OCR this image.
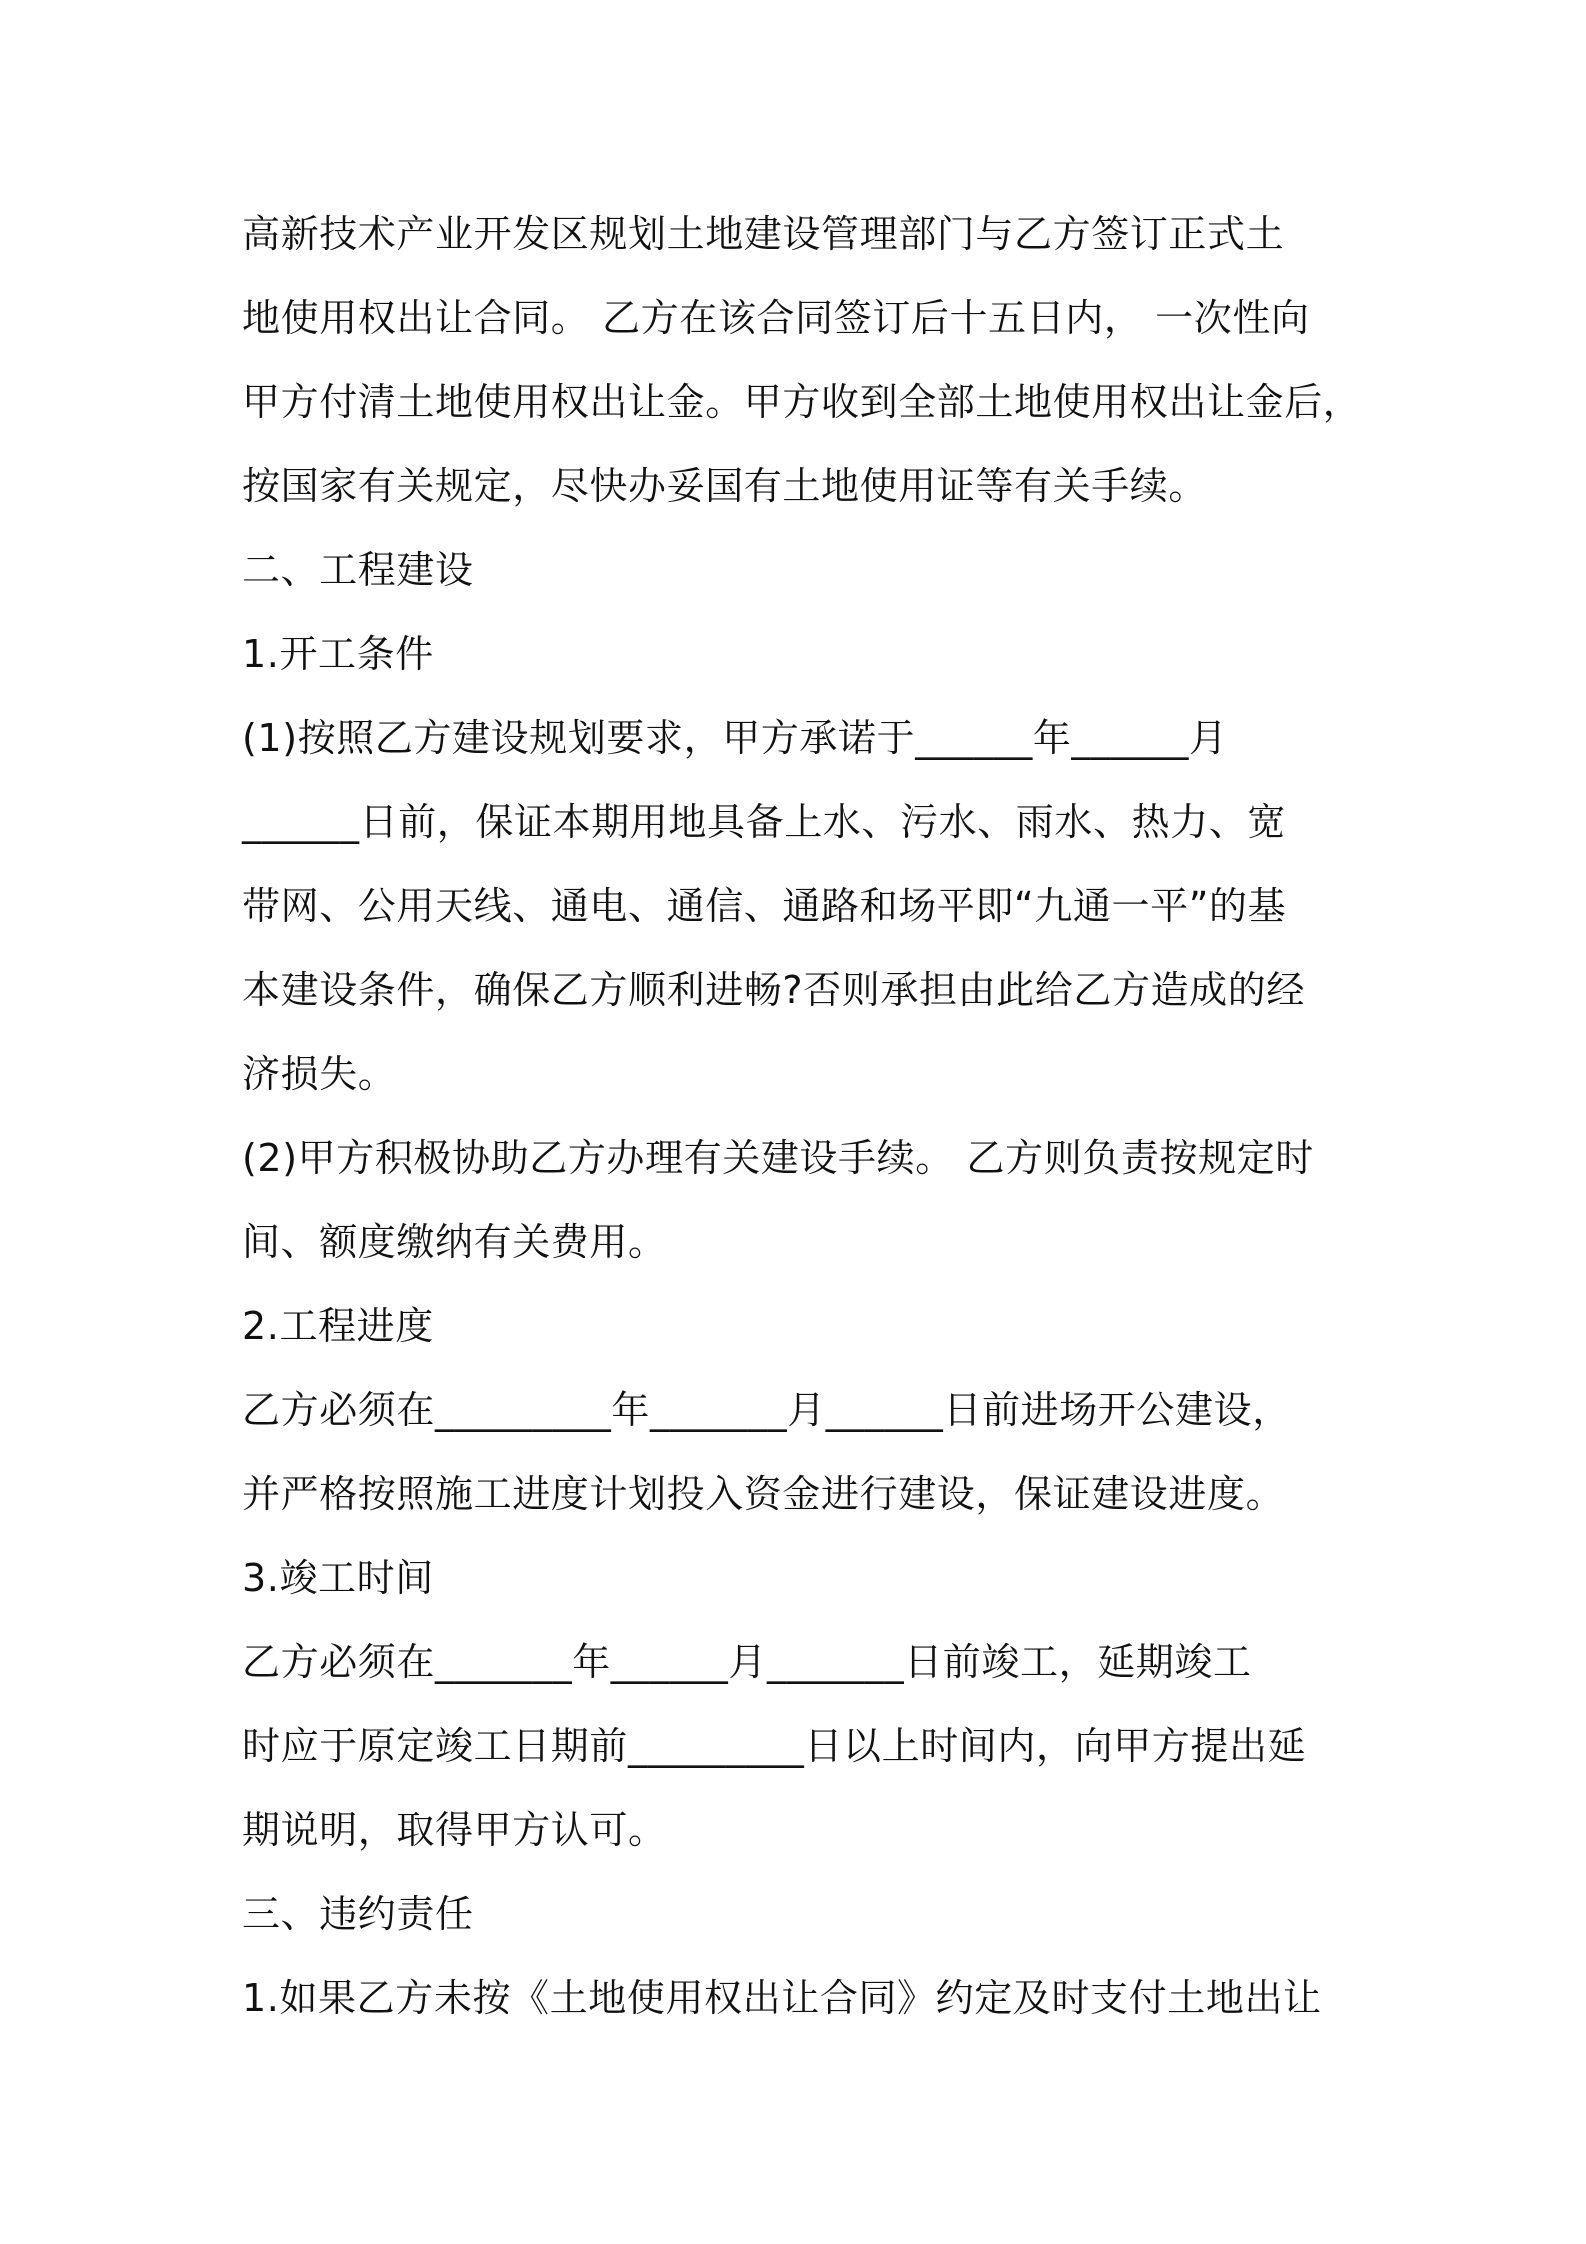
高新技术产业开发区规划土地建设管理部门与乙方签订正式土
地使用权出让合同。 乙方在该合同签订后十五日内， 一次性向
甲方付清土地使用权出让金。甲方收到全部土地使用权出让金后，
按国家有关规定，尽快办妥国有土地使用证等有关手续。
二、工程建设
1.开工条件
(1)按照乙方建设规划要求，甲方承诺于______年______月
______日前，保证本期用地具备上水、污水、雨水、热力、宽
带网、公用天线、通电、通信、通路和场平即“九通一平”的基
本建设条件，确保乙方顺利进畅?否则承担由此给乙方造成的经
济损失。
(2)甲方积极协助乙方办理有关建设手续。 乙方则负责按规定时
间、额度缴纳有关费用。
2.工程进度
乙方必须在_________年_______月______日前进场开公建设，
并严格按照施工进度计划投入资金进行建设，保证建设进度。
3.竣工时间
乙方必须在_______年______月_______日前竣工，延期竣工
时应于原定竣工日期前_________日以上时间内，向甲方提出延
期说明，取得甲方认可。
三、违约责任
1.如果乙方未按《土地使用权出让合同》约定及时支付土地出让
